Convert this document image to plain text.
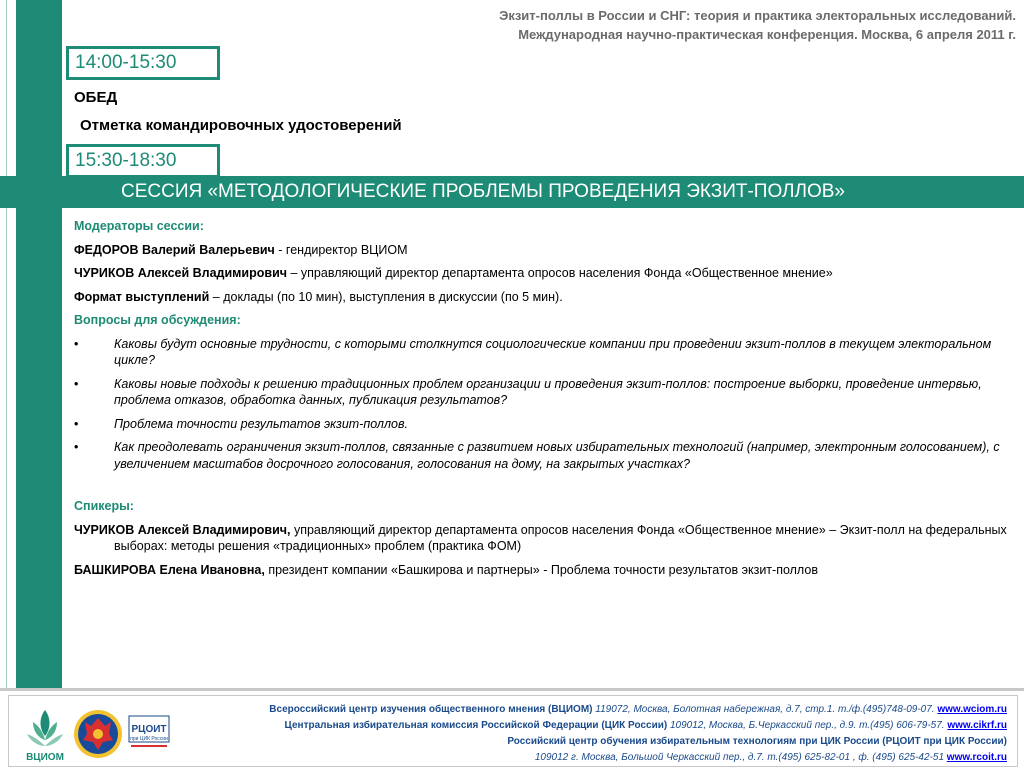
Экзит-поллы в России и СНГ: теория и практика электоральных исследований.
Международная научно-практическая конференция. Москва, 6 апреля 2011 г.
14:00-15:30
ОБЕД
Отметка командировочных удостоверений
15:30-18:30
СЕССИЯ «МЕТОДОЛОГИЧЕСКИЕ ПРОБЛЕМЫ ПРОВЕДЕНИЯ ЭКЗИТ-ПОЛЛОВ»

Модераторы сессии:

ФЕДОРОВ Валерий Валерьевич - гендиректор ВЦИОМ

ЧУРИКОВ Алексей Владимирович – управляющий директор департамента опросов населения Фонда «Общественное мнение»

Формат выступлений – доклады (по 10 мин), выступления в дискуссии (по 5 мин).

Вопросы для обсуждения:

•	Каковы будут основные трудности, с которыми столкнутся социологические компании при проведении экзит-поллов в текущем электоральном цикле?
•	Каковы новые подходы к решению традиционных проблем организации и проведения экзит-поллов: построение выборки, проведение интервью, проблема отказов, обработка данных, публикация результатов?
•	Проблема точности результатов экзит-поллов.
•	Как преодолевать ограничения экзит-поллов, связанные с развитием новых избирательных технологий (например, электронным голосованием), с увеличением масштабов досрочного голосования, голосования на дому, на закрытых участках?

Спикеры:

ЧУРИКОВ Алексей Владимирович, управляющий директор департамента опросов населения Фонда «Общественное мнение» – Экзит-полл на федеральных выборах: методы решения «традиционных» проблем (практика ФОМ)

БАШКИРОВА Елена Ивановна, президент компании «Башкирова и партнеры» - Проблема точности результатов экзит-поллов

ВЦИОМ
РЦОИТ
при ЦИК России
Всероссийский центр изучения общественного мнения (ВЦИОМ) 119072, Москва, Болотная набережная, д.7, стр.1. т./ф.(495)748-09-07. www.wciom.ru
Центральная избирательная комиссия Российской Федерации (ЦИК России) 109012, Москва, Б.Черкасский пер., д.9. т.(495) 606-79-57. www.cikrf.ru
Российский центр обучения избирательным технологиям при ЦИК России (РЦОИТ при ЦИК России)
109012 г. Москва, Большой Черкасский пер., д.7. т.(495) 625-82-01 , ф. (495) 625-42-51 www.rcoit.ru
